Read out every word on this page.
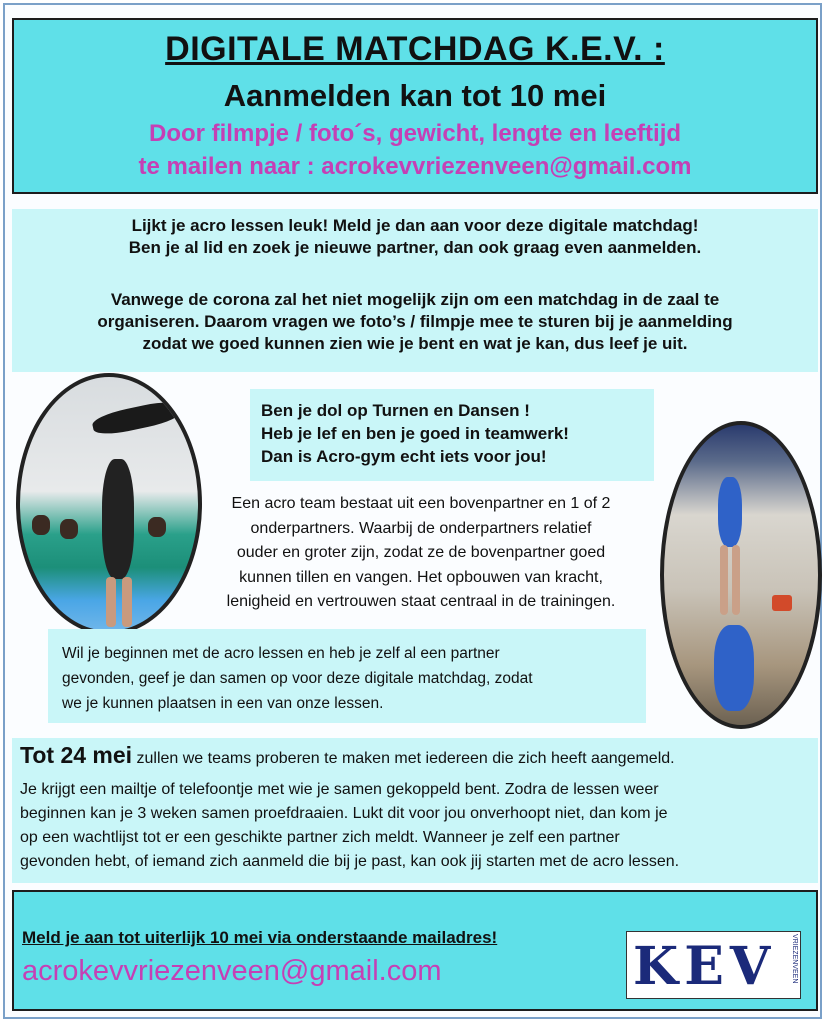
DIGITALE MATCHDAG K.E.V. :
Aanmelden kan tot 10 mei
Door filmpje / foto´s, gewicht, lengte en leeftijd
te mailen naar : acrokevvriezenveen@gmail.com

Lijkt je acro lessen leuk! Meld je dan aan voor deze digitale matchdag!

Ben je al lid en zoek je nieuwe partner, dan ook graag even aanmelden.

Vanwege de corona zal het niet mogelijk zijn om een matchdag in de zaal te

organiseren. Daarom vragen we foto’s / filmpje mee te sturen bij je aanmelding

zodat we goed kunnen zien wie je bent en wat je kan, dus leef je uit.

Ben je dol op Turnen en Dansen !

Heb je lef en ben je goed in teamwerk!

Dan is Acro-gym echt iets voor jou!

Een acro team bestaat uit een bovenpartner en 1 of 2

onderpartners. Waarbij de onderpartners relatief

ouder en groter zijn, zodat ze de bovenpartner goed

kunnen tillen en vangen. Het opbouwen van kracht,

lenigheid en vertrouwen staat centraal in de trainingen.

Wil je beginnen met de acro lessen en heb je zelf al een partner

gevonden, geef je dan samen op voor deze digitale matchdag, zodat

we je kunnen plaatsen in een van onze lessen.

Tot 24 mei zullen we teams proberen te maken met iedereen die zich heeft aangemeld.

Je krijgt een mailtje of telefoontje met wie je samen gekoppeld bent. Zodra de lessen weer

beginnen kan je 3 weken samen proefdraaien. Lukt dit voor jou onverhoopt niet, dan kom je

op een wachtlijst tot er een geschikte partner zich meldt. Wanneer je zelf een partner

gevonden hebt, of iemand zich aanmeld die bij je past, kan ook jij starten met de acro lessen.

Meld je aan tot uiterlijk 10 mei via onderstaande mailadres!
acrokevvriezenveen@gmail.com	KEV	VRIEZENVEEN
